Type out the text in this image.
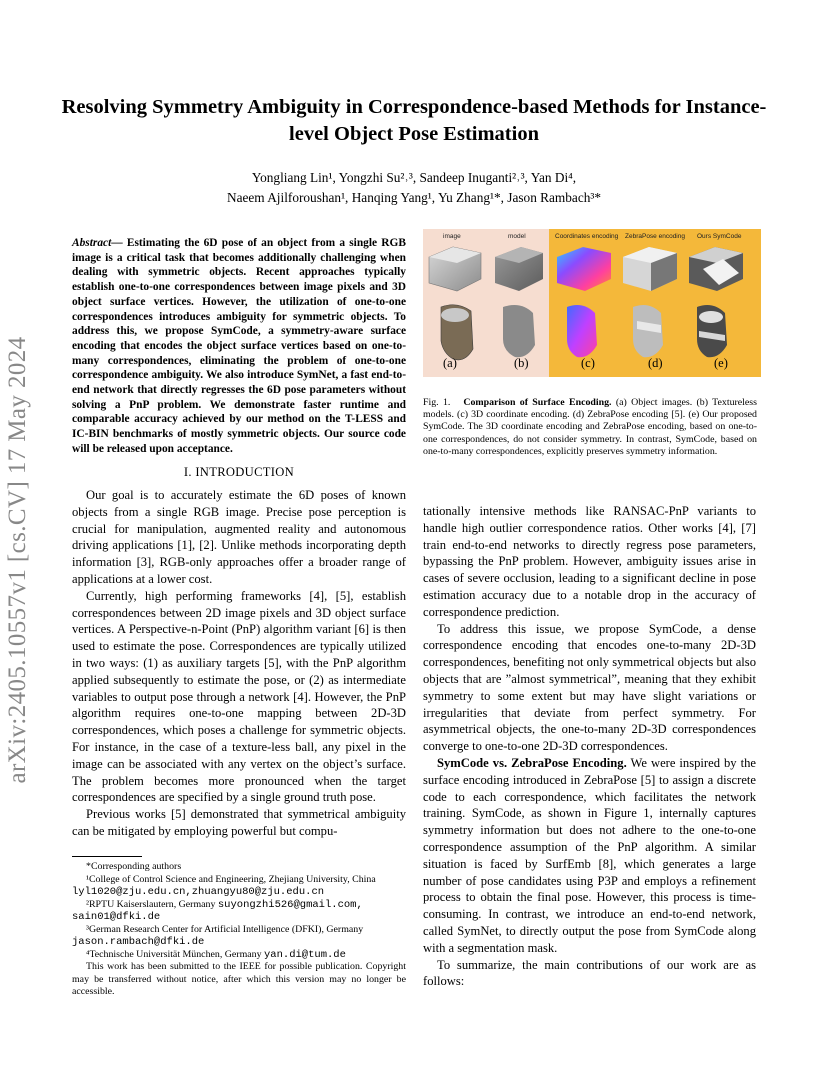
arXiv:2405.10557v1 [cs.CV] 17 May 2024
Resolving Symmetry Ambiguity in Correspondence-based Methods for Instance-level Object Pose Estimation
Yongliang Lin¹, Yongzhi Su²˒³, Sandeep Inuganti²˒³, Yan Di⁴,
Naeem Ajilforoushan¹, Hanqing Yang¹, Yu Zhang¹*, Jason Rambach³*
Abstract— Estimating the 6D pose of an object from a single RGB image is a critical task that becomes additionally challenging when dealing with symmetric objects. Recent approaches typically establish one-to-one correspondences between image pixels and 3D object surface vertices. However, the utilization of one-to-one correspondences introduces ambiguity for symmetric objects. To address this, we propose SymCode, a symmetry-aware surface encoding that encodes the object surface vertices based on one-to-many correspondences, eliminating the problem of one-to-one correspondence ambiguity. We also introduce SymNet, a fast end-to-end network that directly regresses the 6D pose parameters without solving a PnP problem. We demonstrate faster runtime and comparable accuracy achieved by our method on the T-LESS and IC-BIN benchmarks of mostly symmetric objects. Our source code will be released upon acceptance.
I. INTRODUCTION

Our goal is to accurately estimate the 6D poses of known objects from a single RGB image. Precise pose perception is crucial for manipulation, augmented reality and autonomous driving applications [1], [2]. Unlike methods incorporating depth information [3], RGB-only approaches offer a broader range of applications at a lower cost.

Currently, high performing frameworks [4], [5], establish correspondences between 2D image pixels and 3D object surface vertices. A Perspective-n-Point (PnP) algorithm variant [6] is then used to estimate the pose. Correspondences are typically utilized in two ways: (1) as auxiliary targets [5], with the PnP algorithm applied subsequently to estimate the pose, or (2) as intermediate variables to output pose through a network [4]. However, the PnP algorithm requires one-to-one mapping between 2D-3D correspondences, which poses a challenge for symmetric objects. For instance, in the case of a texture-less ball, any pixel in the image can be associated with any vertex on the object’s surface. The problem becomes more pronounced when the target correspondences are specified by a single ground truth pose.

Previous works [5] demonstrated that symmetrical ambiguity can be mitigated by employing powerful but compu-

*Corresponding authors
¹College of Control Science and Engineering, Zhejiang University, China
lyl1020@zju.edu.cn,zhuangyu80@zju.edu.cn
²RPTU Kaiserslautern, Germany suyongzhi526@gmail.com,
sain01@dfki.de
³German Research Center for Artificial Intelligence (DFKI), Germany
jason.rambach@dfki.de
⁴Technische Universität München, Germany yan.di@tum.de
This work has been submitted to the IEEE for possible publication. Copyright may be transferred without notice, after which this version may no longer be accessible.
image	model	Coordinates encoding ZebraPose encoding Ours SymCode
(a)	(b)	(c)	(d)	(e)
Fig. 1. Comparison of Surface Encoding. (a) Object images. (b) Textureless models. (c) 3D coordinate encoding. (d) ZebraPose encoding [5]. (e) Our proposed SymCode. The 3D coordinate encoding and ZebraPose encoding, based on one-to-one correspondences, do not consider symmetry. In contrast, SymCode, based on one-to-many correspondences, explicitly preserves symmetry information.

tationally intensive methods like RANSAC-PnP variants to handle high outlier correspondence ratios. Other works [4], [7] train end-to-end networks to directly regress pose parameters, bypassing the PnP problem. However, ambiguity issues arise in cases of severe occlusion, leading to a significant decline in pose estimation accuracy due to a notable drop in the accuracy of correspondence prediction.

To address this issue, we propose SymCode, a dense correspondence encoding that encodes one-to-many 2D-3D correspondences, benefiting not only symmetrical objects but also objects that are ”almost symmetrical”, meaning that they exhibit symmetry to some extent but may have slight variations or irregularities that deviate from perfect symmetry. For asymmetrical objects, the one-to-many 2D-3D correspondences converge to one-to-one 2D-3D correspondences.

SymCode vs. ZebraPose Encoding. We were inspired by the surface encoding introduced in ZebraPose [5] to assign a discrete code to each correspondence, which facilitates the network training. SymCode, as shown in Figure 1, internally captures symmetry information but does not adhere to the one-to-one correspondence assumption of the PnP algorithm. A similar situation is faced by SurfEmb [8], which generates a large number of pose candidates using P3P and employs a refinement process to obtain the final pose. However, this process is time-consuming. In contrast, we introduce an end-to-end network, called SymNet, to directly output the pose from SymCode along with a segmentation mask.

To summarize, the main contributions of our work are as follows:
